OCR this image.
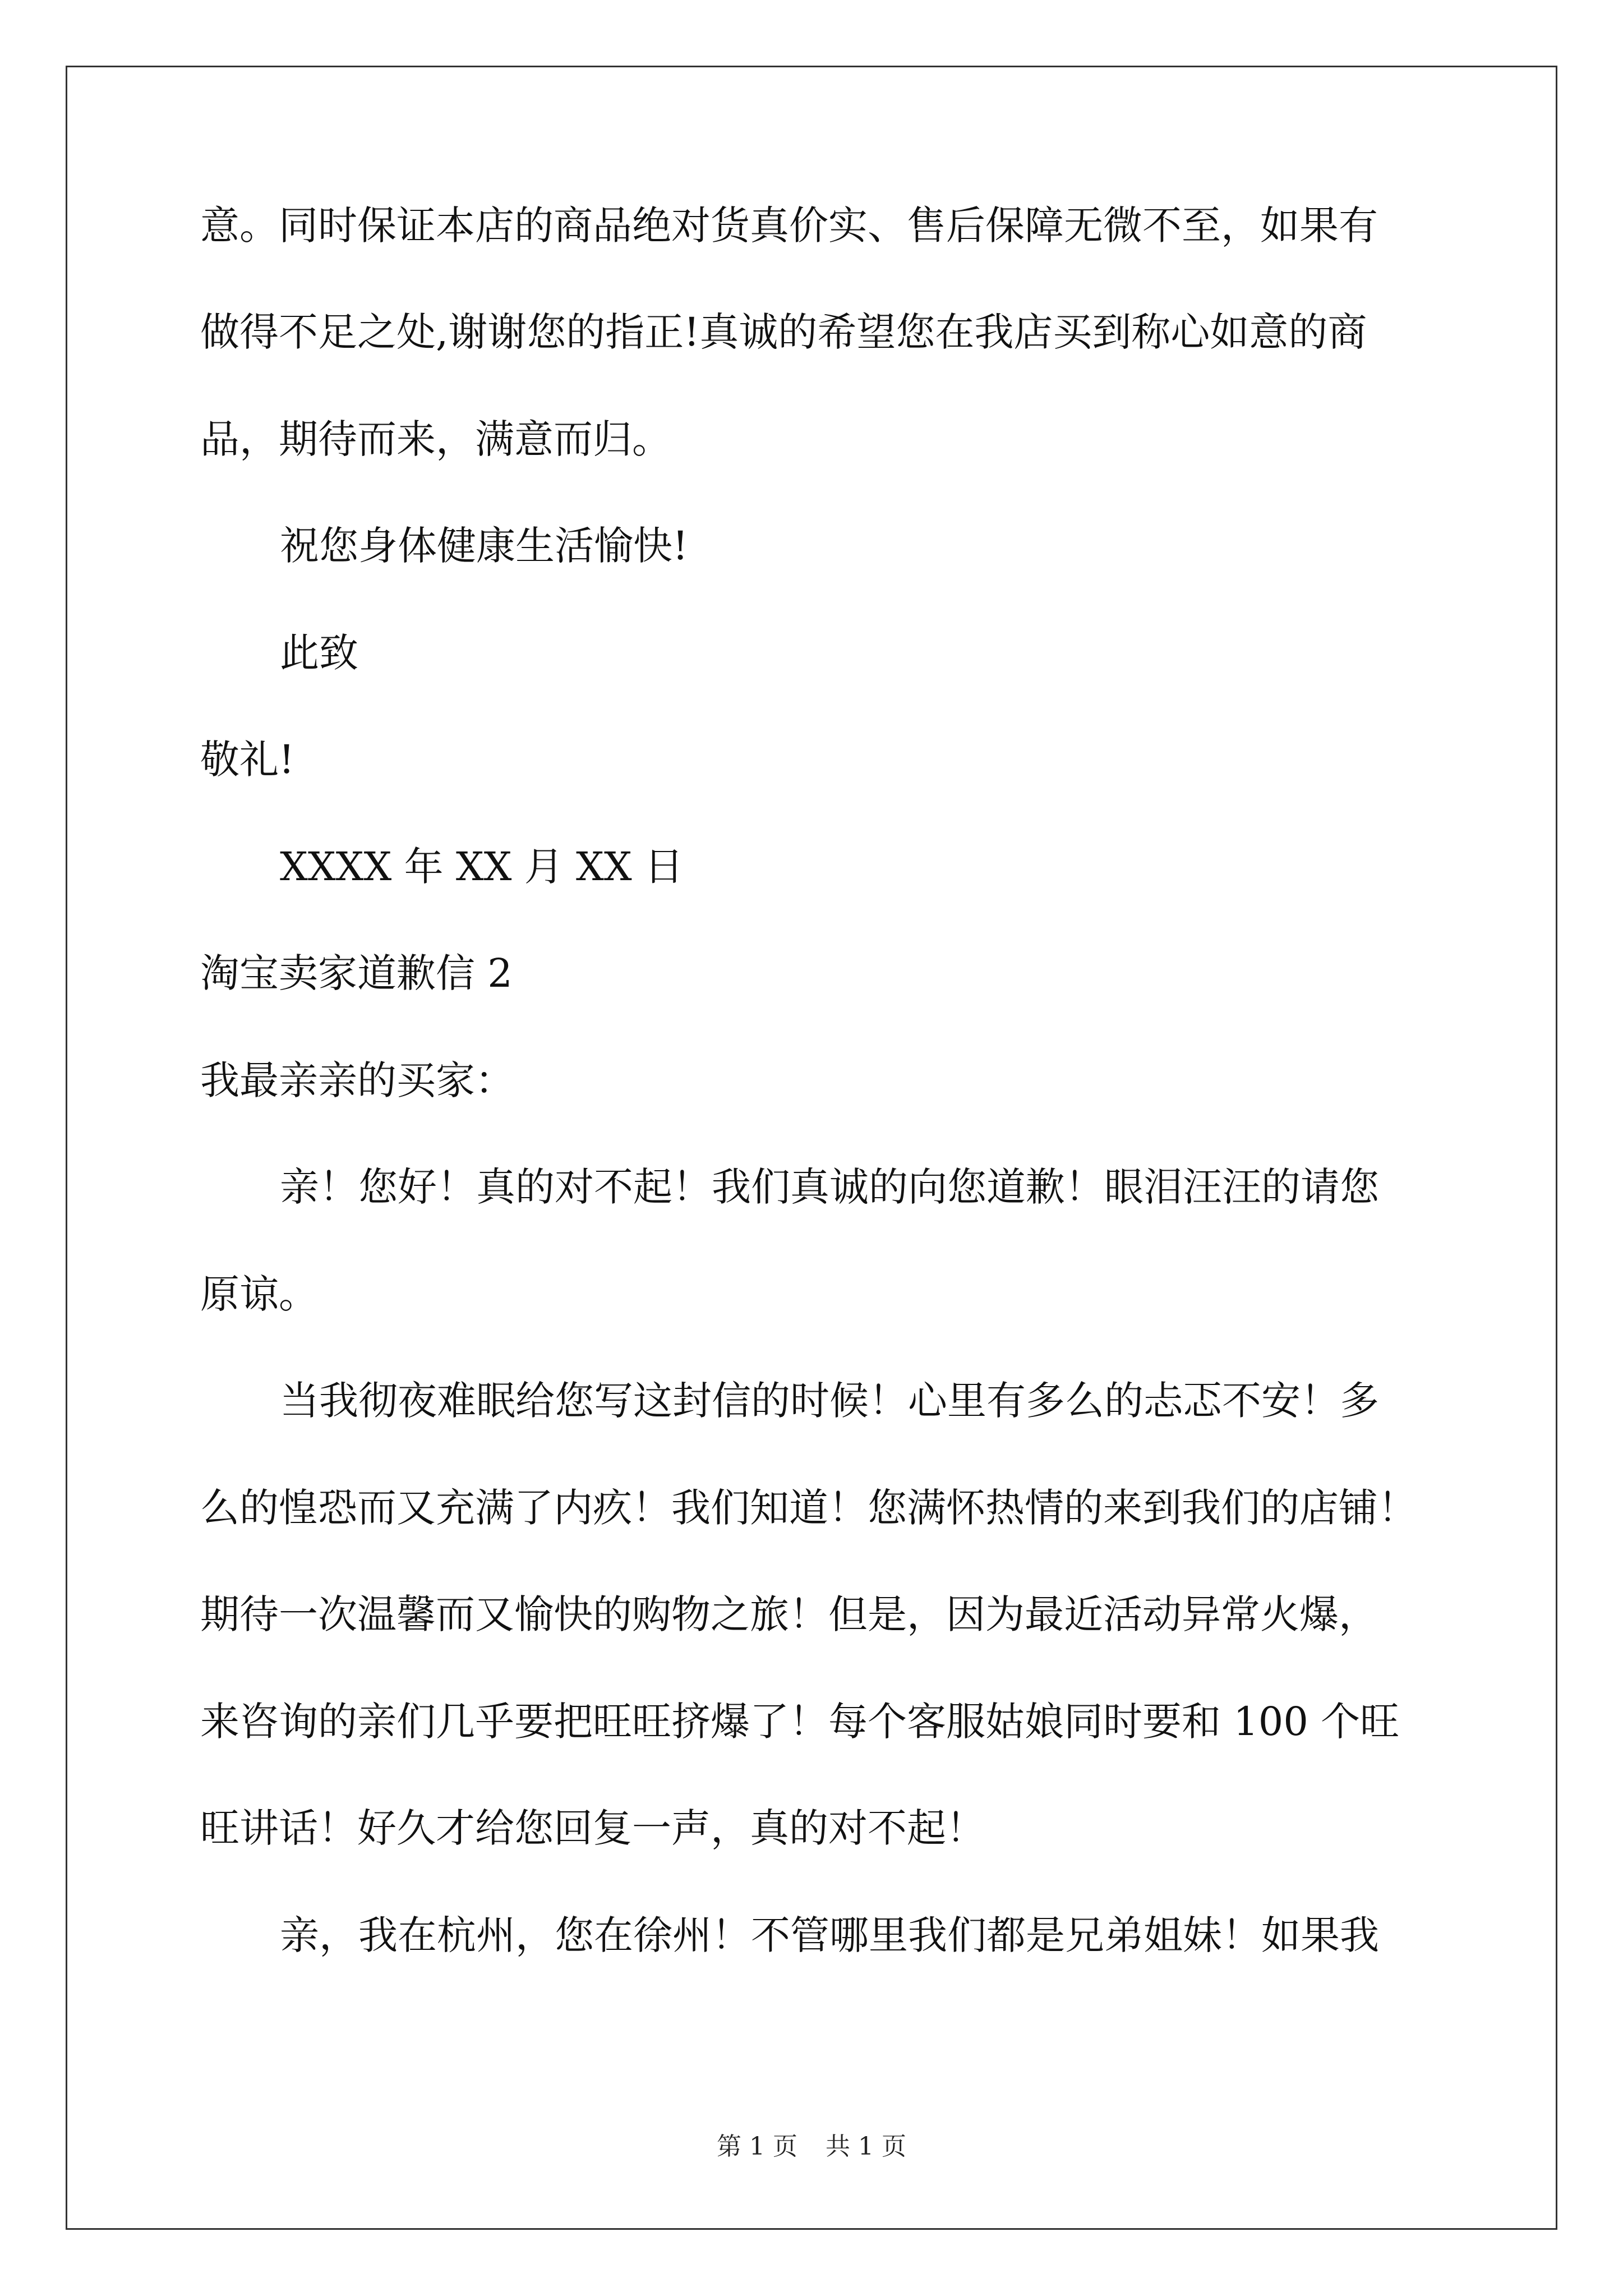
意。同时保证本店的商品绝对货真价实、售后保障无微不至，如果有
做得不足之处,谢谢您的指正!真诚的希望您在我店买到称心如意的商
品，期待而来，满意而归。
祝您身体健康生活愉快!
此致
敬礼!
XXXX 年 XX 月 XX 日
淘宝卖家道歉信 2
我最亲亲的买家：
亲！您好！真的对不起！我们真诚的向您道歉！眼泪汪汪的请您
原谅。
当我彻夜难眠给您写这封信的时候！心里有多么的忐忑不安！多
么的惶恐而又充满了内疚！我们知道！您满怀热情的来到我们的店铺！
期待一次温馨而又愉快的购物之旅！但是，因为最近活动异常火爆，
来咨询的亲们几乎要把旺旺挤爆了！每个客服姑娘同时要和 100 个旺
旺讲话！好久才给您回复一声，真的对不起！
亲，我在杭州，您在徐州！不管哪里我们都是兄弟姐妹！如果我
第 1 页 共 1 页
